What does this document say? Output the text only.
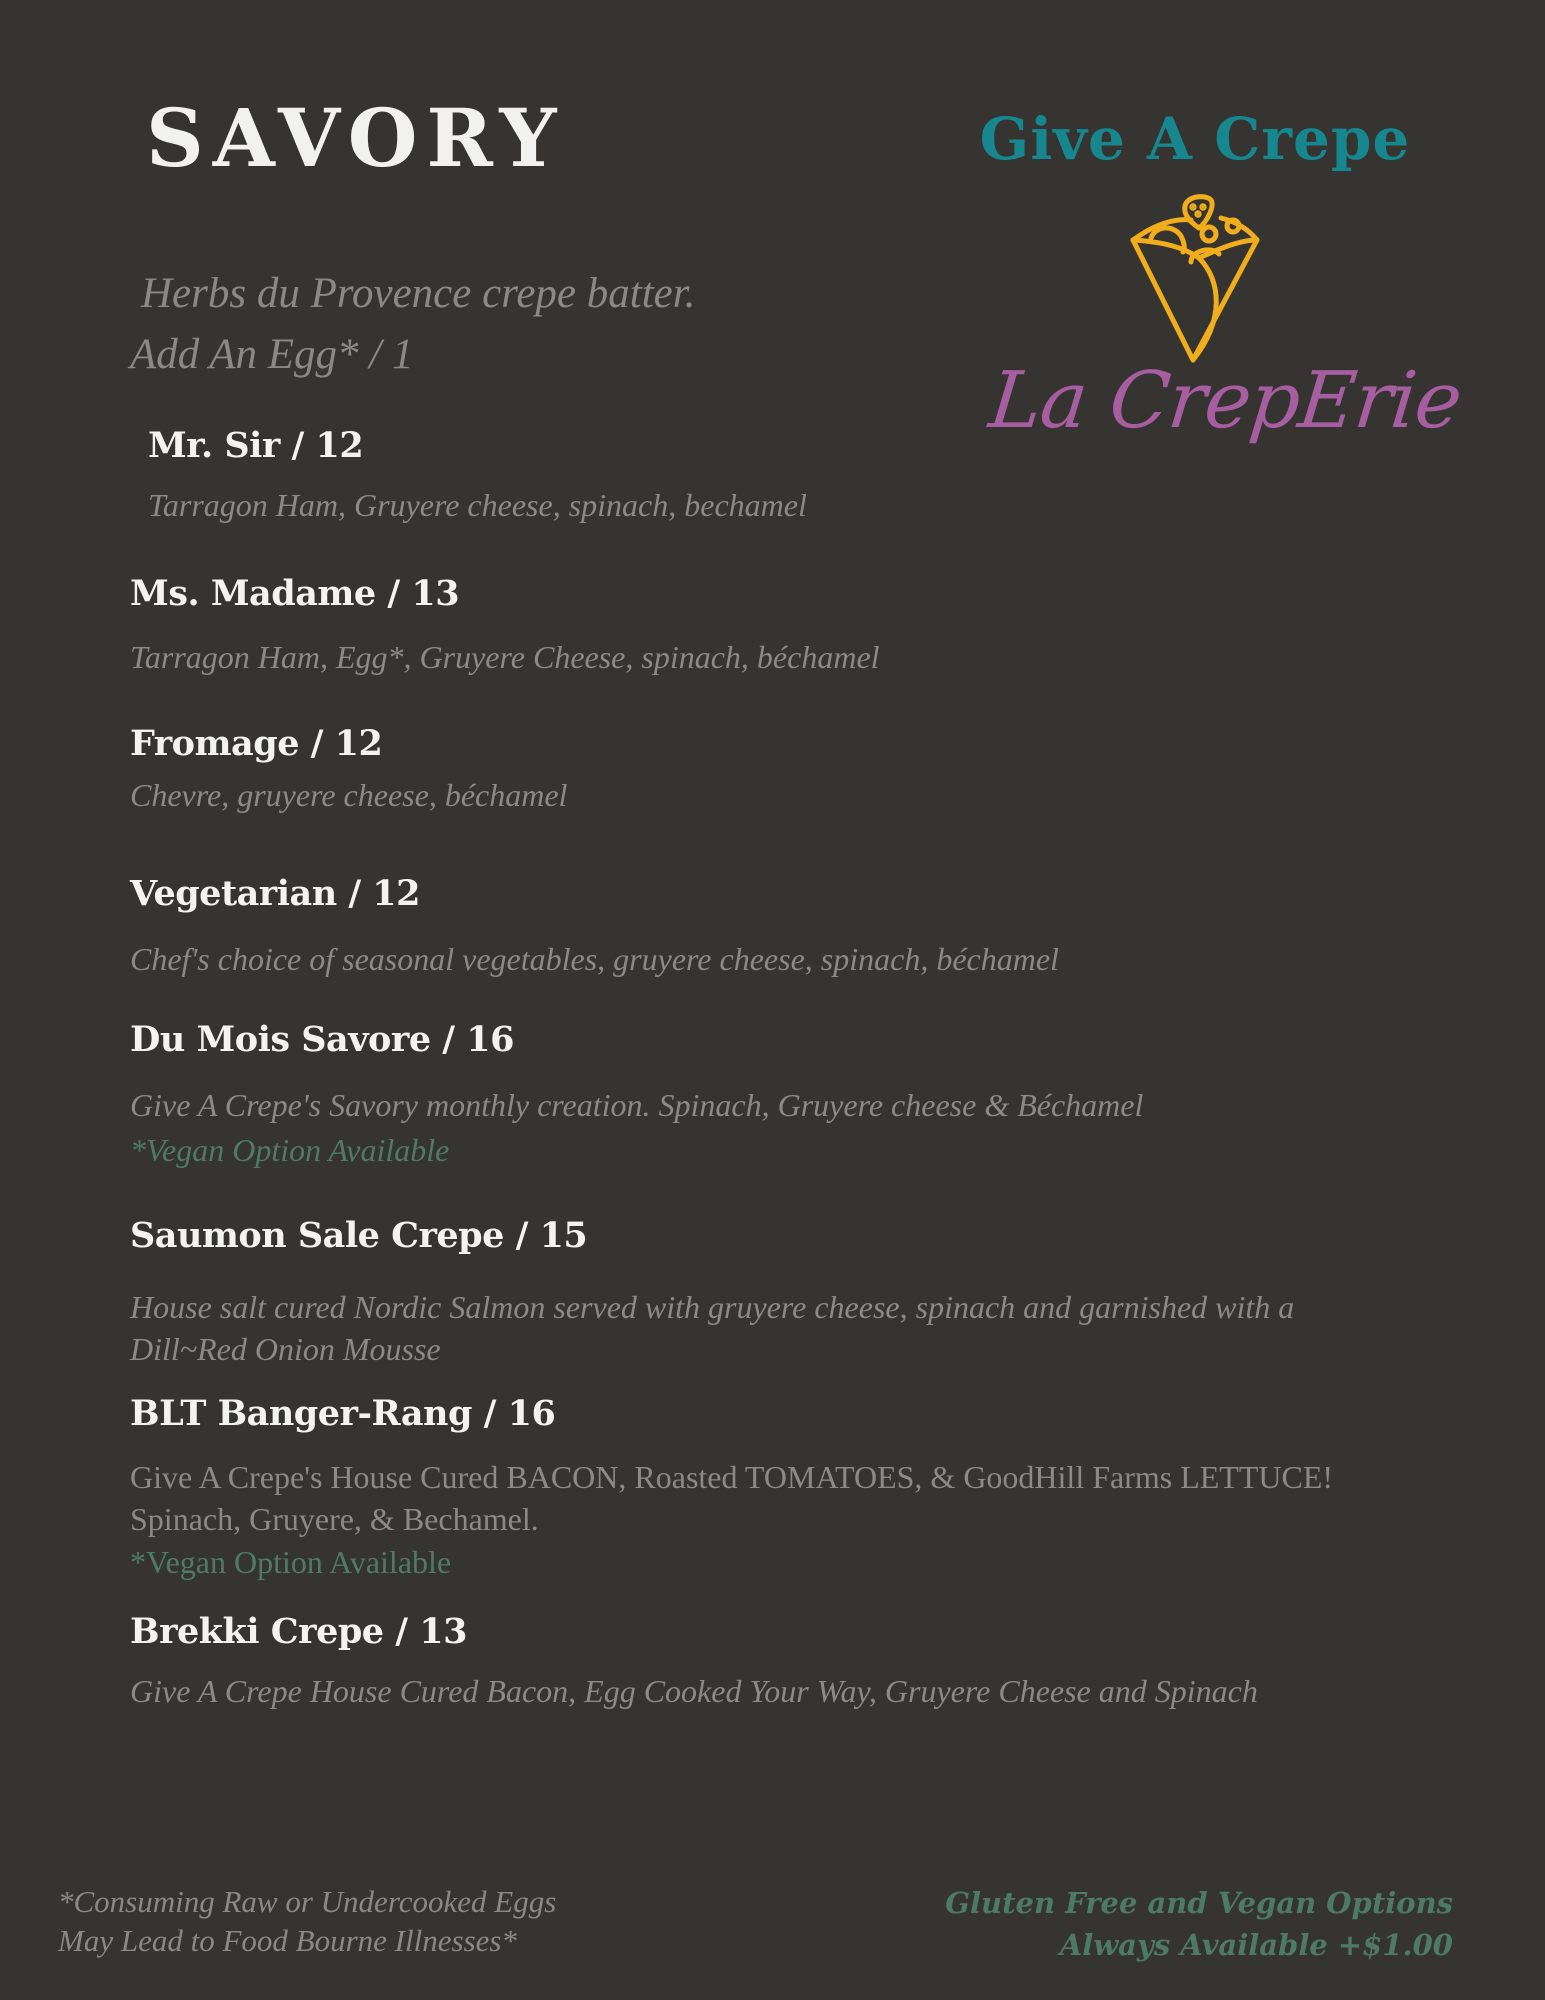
SAVORY
Herbs du Provence crepe batter.
Add An Egg* / 1
Give A Crepe
La CrepErie
Mr. Sir / 12
Tarragon Ham, Gruyere cheese, spinach, bechamel
Ms. Madame / 13
Tarragon Ham, Egg*, Gruyere Cheese, spinach, béchamel
Fromage / 12
Chevre, gruyere cheese, béchamel
Vegetarian / 12
Chef's choice of seasonal vegetables, gruyere cheese, spinach, béchamel
Du Mois Savore / 16
Give A Crepe's Savory monthly creation. Spinach, Gruyere cheese & Béchamel
*Vegan Option Available
Saumon Sale Crepe / 15
House salt cured Nordic Salmon served with gruyere cheese, spinach and garnished with a
Dill~Red Onion Mousse
BLT Banger-Rang / 16
Give A Crepe's House Cured BACON, Roasted TOMATOES, & GoodHill Farms LETTUCE!
Spinach, Gruyere, & Bechamel.
*Vegan Option Available
Brekki Crepe / 13
Give A Crepe House Cured Bacon, Egg Cooked Your Way, Gruyere Cheese and Spinach
*Consuming Raw or Undercooked Eggs
May Lead to Food Bourne Illnesses*
Gluten Free and Vegan Options
Always Available +$1.00
